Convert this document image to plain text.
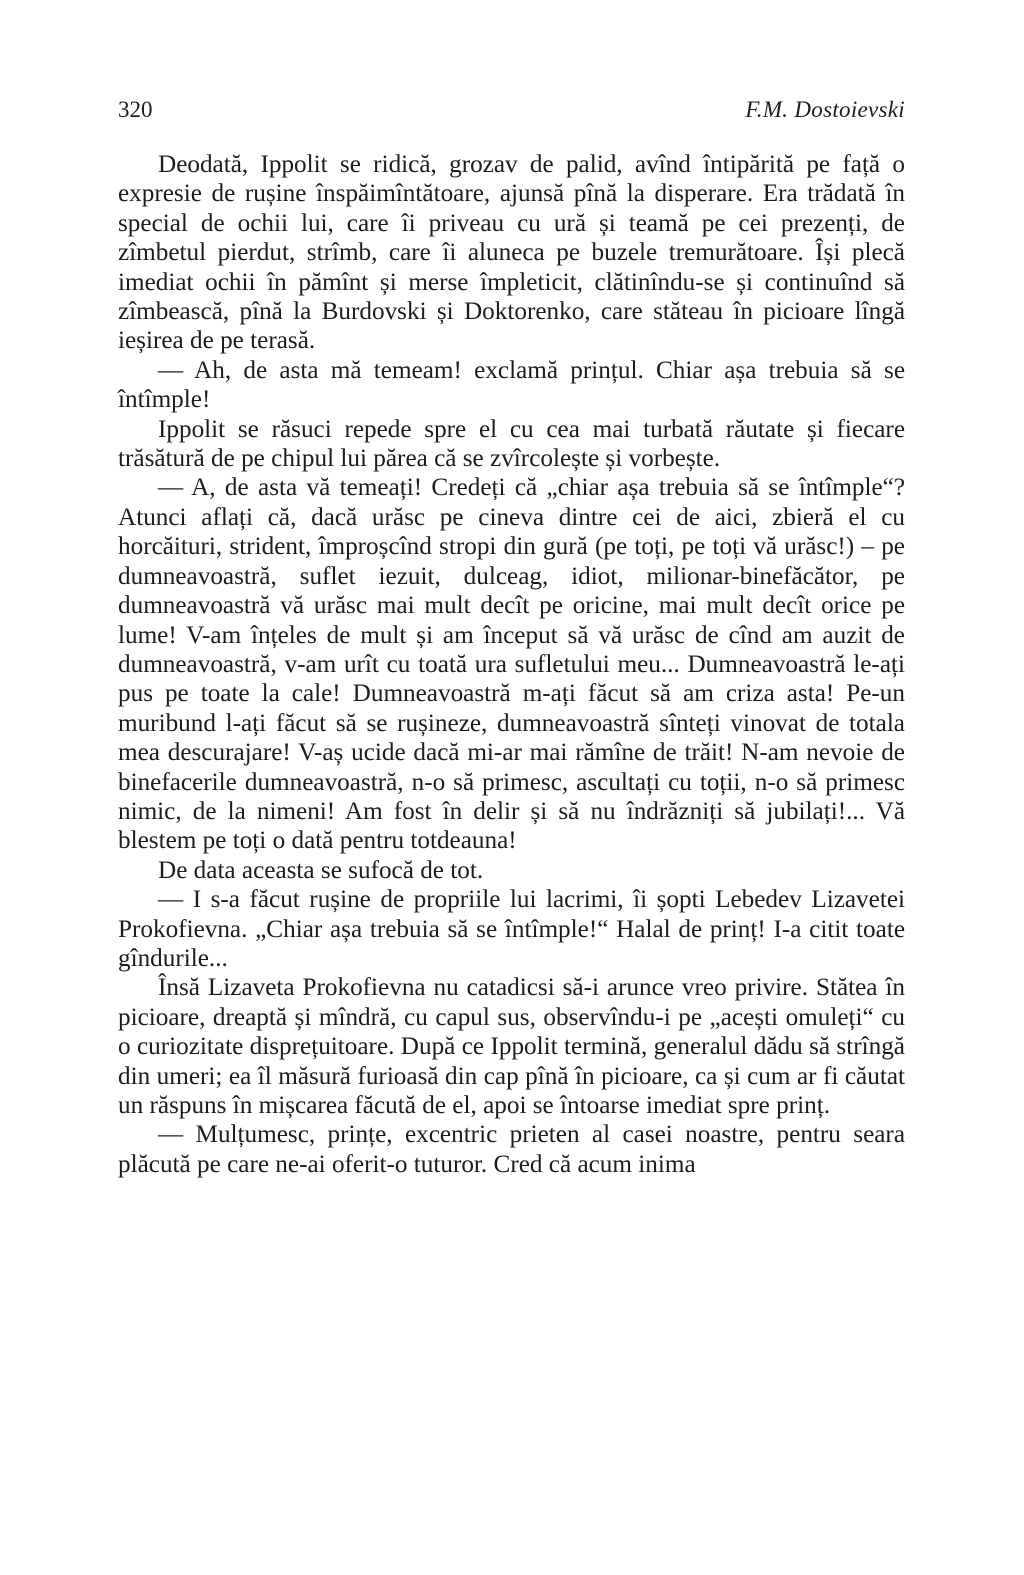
320	F.M. Dostoievski

Deodată, Ippolit se ridică, grozav de palid, avînd întipărită pe față o expresie de rușine înspăimîntătoare, ajunsă pînă la disperare. Era trădată în special de ochii lui, care îi priveau cu ură și teamă pe cei prezenți, de zîmbetul pierdut, strîmb, care îi aluneca pe buzele tremurătoare. Își plecă imediat ochii în pămînt și merse împleticit, clătinîndu-se și continuînd să zîmbească, pînă la Burdovski și Doktorenko, care stăteau în picioare lîngă ieșirea de pe terasă.

— Ah, de asta mă temeam! exclamă prințul. Chiar așa trebuia să se întîmple!

Ippolit se răsuci repede spre el cu cea mai turbată răutate și fiecare trăsătură de pe chipul lui părea că se zvîrcolește și vorbește.

— A, de asta vă temeați! Credeți că „chiar așa trebuia să se întîmple“? Atunci aflați că, dacă urăsc pe cineva dintre cei de aici, zbieră el cu horcăituri, strident, împroșcînd stropi din gură (pe toți, pe toți vă urăsc!) – pe dumneavoastră, suflet iezuit, dulceag, idiot, milionar-binefăcător, pe dumneavoastră vă urăsc mai mult decît pe oricine, mai mult decît orice pe lume! V-am înțeles de mult și am început să vă urăsc de cînd am auzit de dumneavoastră, v-am urît cu toată ura sufletului meu... Dumneavoastră le-ați pus pe toate la cale! Dumneavoastră m-ați făcut să am criza asta! Pe-un muribund l-ați făcut să se rușineze, dumneavoastră sînteți vinovat de totala mea descurajare! V-aș ucide dacă mi-ar mai rămîne de trăit! N-am nevoie de binefacerile dumneavoastră, n-o să primesc, ascultați cu toții, n-o să primesc nimic, de la nimeni! Am fost în delir și să nu îndrăzniți să jubilați!... Vă blestem pe toți o dată pentru totdeauna!

De data aceasta se sufocă de tot.

— I s-a făcut rușine de propriile lui lacrimi, îi șopti Lebedev Lizavetei Prokofievna. „Chiar așa trebuia să se întîmple!“ Halal de prinț! I-a citit toate gîndurile...

Însă Lizaveta Prokofievna nu catadicsi să-i arunce vreo privire. Stătea în picioare, dreaptă și mîndră, cu capul sus, observîndu-i pe „acești omuleți“ cu o curiozitate disprețuitoare. După ce Ippolit termină, generalul dădu să strîngă din umeri; ea îl măsură furioasă din cap pînă în picioare, ca și cum ar fi căutat un răspuns în mișcarea făcută de el, apoi se întoarse imediat spre prinț.

— Mulțumesc, prințe, excentric prieten al casei noastre, pentru seara plăcută pe care ne-ai oferit-o tuturor. Cred că acum inima
